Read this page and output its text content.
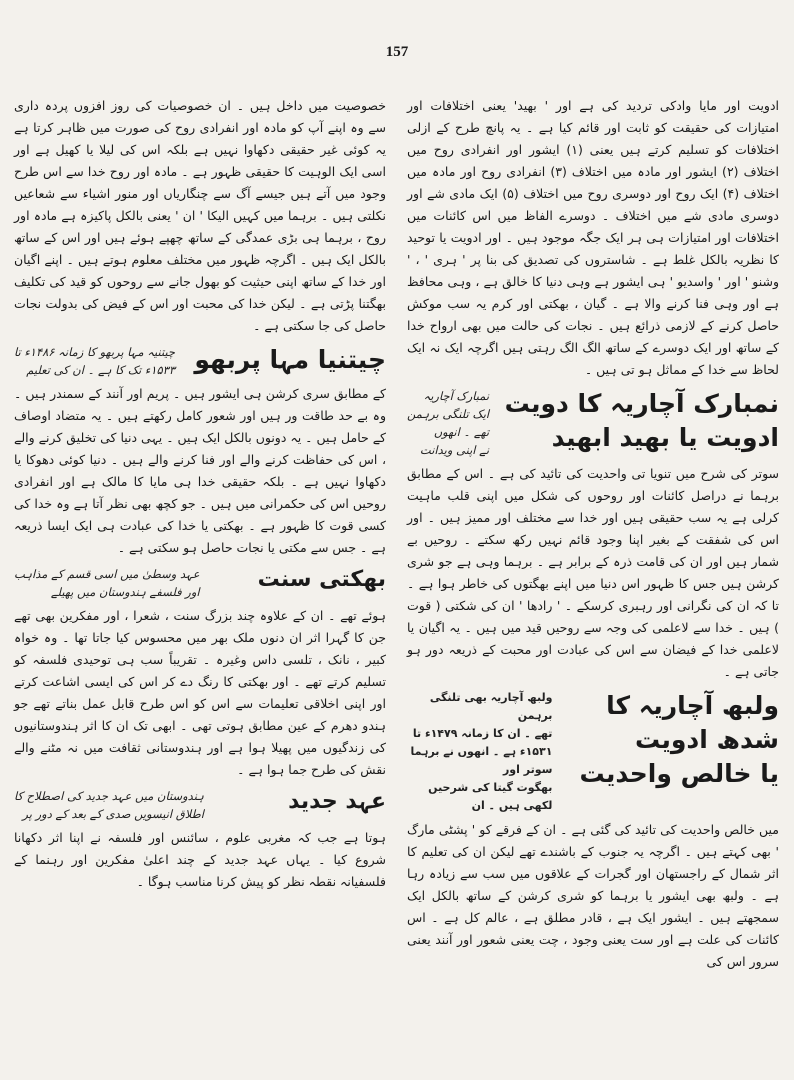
157

ادویت اور مایا وادکی تردید کی ہے اور ' بھید' یعنی اختلافات اور امتیازات کی حقیقت کو ثابت اور قائم کیا ہے ۔ یہ پانچ طرح کے ازلی اختلافات کو تسلیم کرتے ہیں یعنی (۱) ایشور اور انفرادی روح میں اختلاف (۲) ایشور اور مادہ میں اختلاف (۳) انفرادی روح اور مادہ میں اختلاف (۴) ایک روح اور دوسری روح میں اختلاف (۵) ایک مادی شے اور دوسری مادی شے میں اختلاف ۔ دوسرے الفاظ میں اس کائنات میں اختلافات اور امتیازات ہی ہر ایک جگہ موجود ہیں ۔ اور ادویت یا توحید کا نظریہ بالکل غلط ہے ۔ شاستروں کی تصدیق کی بنا پر ' ہری ' ، ' وشنو ' اور ' واسدیو ' ہی ایشور ہے وہی دنیا کا خالق ہے ، وہی محافظ ہے اور وہی فنا کرنے والا ہے ۔ گیان ، بھکتی اور کرم یہ سب موکش حاصل کرنے کے لازمی ذرائع ہیں ۔ نجات کی حالت میں بھی ارواح خدا کے ساتھ اور ایک دوسرے کے ساتھ الگ الگ رہتی ہیں اگرچہ ایک نہ ایک لحاظ سے خدا کے مماثل ہو تی ہیں ۔

نمبارک آچاریہ کا دویت
ادویت یا بھید ابھید
نمبارک آچاریہ
ایک تلنگی برہمن
تھے ۔ انھوں
نے اپنی ویدانت

سوتر کی شرح میں تنویا تی واحدیت کی تائید کی ہے ۔ اس کے مطابق برہما نے دراصل کائنات اور روحوں کی شکل میں اپنی قلب ماہیت کرلی ہے یہ سب حقیقی ہیں اور خدا سے مختلف اور ممیز ہیں ۔ اور اس کی شفقت کے بغیر اپنا وجود قائم نہیں رکھ سکتے ۔ روحیں بے شمار ہیں اور ان کی قامت ذرہ کے برابر ہے ۔ برہما وہی ہے جو شری کرشن ہیں جس کا ظہور اس دنیا میں اپنے بھگتوں کی خاطر ہوا ہے ۔ تا کہ ان کی نگرانی اور رہبری کرسکے ۔ ' رادھا ' ان کی شکتی ( قوت ) ہیں ۔ خدا سے لاعلمی کی وجہ سے روحیں قید میں ہیں ۔ یہ اگیان یا لاعلمی خدا کے فیضان سے اس کی عبادت اور محبت کے ذریعہ دور ہو جاتی ہے ۔

ولبھ آچاریہ کا شدھ ادویت
یا خالص واحدیت
ولبھ آچاریہ بھی تلنگی برہمن
تھے ۔ ان کا زمانہ ۱۴۷۹ء تا
۱۵۳۱ء ہے ۔ انھوں نے برہما سوتر اور
بھگوت گیتا کی شرحیں لکھی ہیں ۔ ان

میں خالص واحدیت کی تائید کی گئی ہے ۔ ان کے فرقے کو ' پشٹی مارگ ' بھی کہتے ہیں ۔ اگرچہ یہ جنوب کے باشندے تھے لیکن ان کی تعلیم کا اثر شمال کے راجستھان اور گجرات کے علاقوں میں سب سے زیادہ رہا ہے ۔ ولبھ بھی ایشور یا برہما کو شری کرشن کے ساتھ بالکل ایک سمجھتے ہیں ۔ ایشور ایک ہے ، قادر مطلق ہے ، عالم کل ہے ۔ اس کائنات کی علت ہے اور ست یعنی وجود ، چت یعنی شعور اور آنند یعنی سرور اس کی

خصوصیت میں داخل ہیں ۔ ان خصوصیات کی روز افزوں پردہ داری سے وہ اپنے آپ کو مادہ اور انفرادی روح کی صورت میں ظاہر کرتا ہے یہ کوئی غیر حقیقی دکھاوا نہیں ہے بلکہ اس کی لیلا یا کھیل ہے اور اسی ایک الوہیت کا حقیقی ظہور ہے ۔ مادہ اور روح خدا سے اس طرح وجود میں آتے ہیں جیسے آگ سے چنگاریاں اور منور اشیاء سے شعاعیں نکلتی ہیں ۔ برہما میں کہیں الیکا ' ان ' یعنی بالکل پاکیزہ ہے مادہ اور روح ، برہما ہی بڑی عمدگی کے ساتھ چھپے ہوئے ہیں اور اس کے ساتھ بالکل ایک ہیں ۔ اگرچہ ظہور میں مختلف معلوم ہوتے ہیں ۔ اپنے اگیان اور خدا کے ساتھ اپنی حیثیت کو بھول جانے سے روحوں کو قید کی تکلیف بھگتنا پڑتی ہے ۔ لیکن خدا کی محبت اور اس کے فیض کی بدولت نجات حاصل کی جا سکتی ہے ۔

چیتنیا مہا پربھو
چیتنیہ مہا پربھو کا زمانہ ۱۴۸۶ء تا
۱۵۳۳ء تک کا ہے ۔ ان کی تعلیم

کے مطابق سری کرشن ہی ایشور ہیں ۔ پریم اور آنند کے سمندر ہیں ۔ وہ بے حد طاقت ور ہیں اور شعور کامل رکھتے ہیں ۔ یہ متضاد اوصاف کے حامل ہیں ۔ یہ دونوں بالکل ایک ہیں ۔ یہی دنیا کی تخلیق کرنے والے ، اس کی حفاظت کرنے والے اور فنا کرنے والے ہیں ۔ دنیا کوئی دھوکا یا دکھاوا نہیں ہے ۔ بلکہ حقیقی خدا ہی مایا کا مالک ہے اور انفرادی روحیں اس کی حکمرانی میں ہیں ۔ جو کچھ بھی نظر آتا ہے وہ خدا کی کسی قوت کا ظہور ہے ۔ بھکتی یا خدا کی عبادت ہی ایک ایسا ذریعہ ہے ۔ جس سے مکتی یا نجات حاصل ہو سکتی ہے ۔

بھکتی سنت
عہد وسطیٰ میں اسی قسم کے مذاہب
اور فلسفے ہندوستان میں پھیلے

ہوئے تھے ۔ ان کے علاوہ چند بزرگ سنت ، شعرا ، اور مفکرین بھی تھے جن کا گہرا اثر ان دنوں ملک بھر میں محسوس کیا جاتا تھا ۔ وہ خواہ کبیر ، نانک ، تلسی داس وغیرہ ۔ تقریباً سب ہی توحیدی فلسفہ کو تسلیم کرتے تھے ۔ اور بھکتی کا رنگ دے کر اس کی ایسی اشاعت کرتے اور اپنی اخلاقی تعلیمات سے اس کو اس طرح قابل عمل بناتے تھے جو ہندو دھرم کے عین مطابق ہوتی تھی ۔ ابھی تک ان کا اثر ہندوستانیوں کی زندگیوں میں پھیلا ہوا ہے اور ہندوستانی ثقافت میں نہ مٹنے والے نقش کی طرح جما ہوا ہے ۔

عہد جدید
ہندوستان میں عہد جدید کی اصطلاح کا
اطلاق انیسویں صدی کے بعد کے دور پر

ہوتا ہے جب کہ مغربی علوم ، سائنس اور فلسفہ نے اپنا اثر دکھانا شروع کیا ۔ یہاں عہد جدید کے چند اعلیٰ مفکرین اور رہنما کے فلسفیانہ نقطہ نظر کو پیش کرنا مناسب ہوگا ۔
